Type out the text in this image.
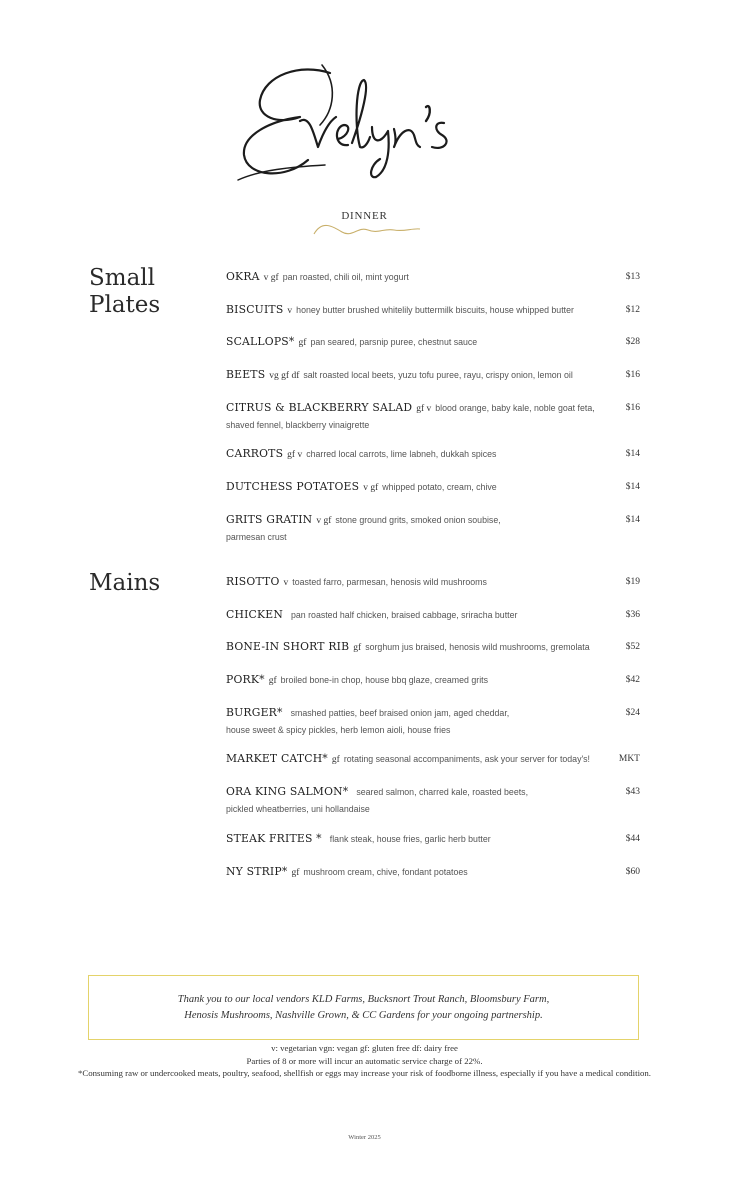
DINNER
Small
Plates
OKRA v gf pan roasted, chili oil, mint yogurt	$13
BISCUITS v honey butter brushed whitelily buttermilk biscuits, house whipped butter	$12
SCALLOPS* gf pan seared, parsnip puree, chestnut sauce	$28
BEETS vg gf df salt roasted local beets, yuzu tofu puree, rayu, crispy onion, lemon oil	$16
CITRUS & BLACKBERRY SALAD gf v blood orange, baby kale, noble goat feta,
shaved fennel, blackberry vinaigrette
$16
CARROTS gf v charred local carrots, lime labneh, dukkah spices	$14
DUTCHESS POTATOES v gf whipped potato, cream, chive	$14
GRITS GRATIN v gf stone ground grits, smoked onion soubise,
parmesan crust
$14
Mains	RISOTTO v toasted farro, parmesan, henosis wild mushrooms	$19
CHICKEN pan roasted half chicken, braised cabbage, sriracha butter	$36
BONE-IN SHORT RIB gf sorghum jus braised, henosis wild mushrooms, gremolata	$52
PORK* gf broiled bone-in chop, house bbq glaze, creamed grits	$42
BURGER* smashed patties, beef braised onion jam, aged cheddar,
house sweet & spicy pickles, herb lemon aioli, house fries
$24
MARKET CATCH* gf rotating seasonal accompaniments, ask your server for today's!	MKT
ORA KING SALMON* seared salmon, charred kale, roasted beets,
pickled wheatberries, uni hollandaise
$43
STEAK FRITES * flank steak, house fries, garlic herb butter	$44
NY STRIP* gf mushroom cream, chive, fondant potatoes	$60
Thank you to our local vendors KLD Farms, Bucksnort Trout Ranch, Bloomsbury Farm,
Henosis Mushrooms, Nashville Grown, & CC Gardens for your ongoing partnership.
v: vegetarian vgn: vegan gf: gluten free df: dairy free
Parties of 8 or more will incur an automatic service charge of 22%.
*Consuming raw or undercooked meats, poultry, seafood, shellfish or eggs may increase your risk of foodborne illness, especially if you have a medical condition.
Winter 2025
